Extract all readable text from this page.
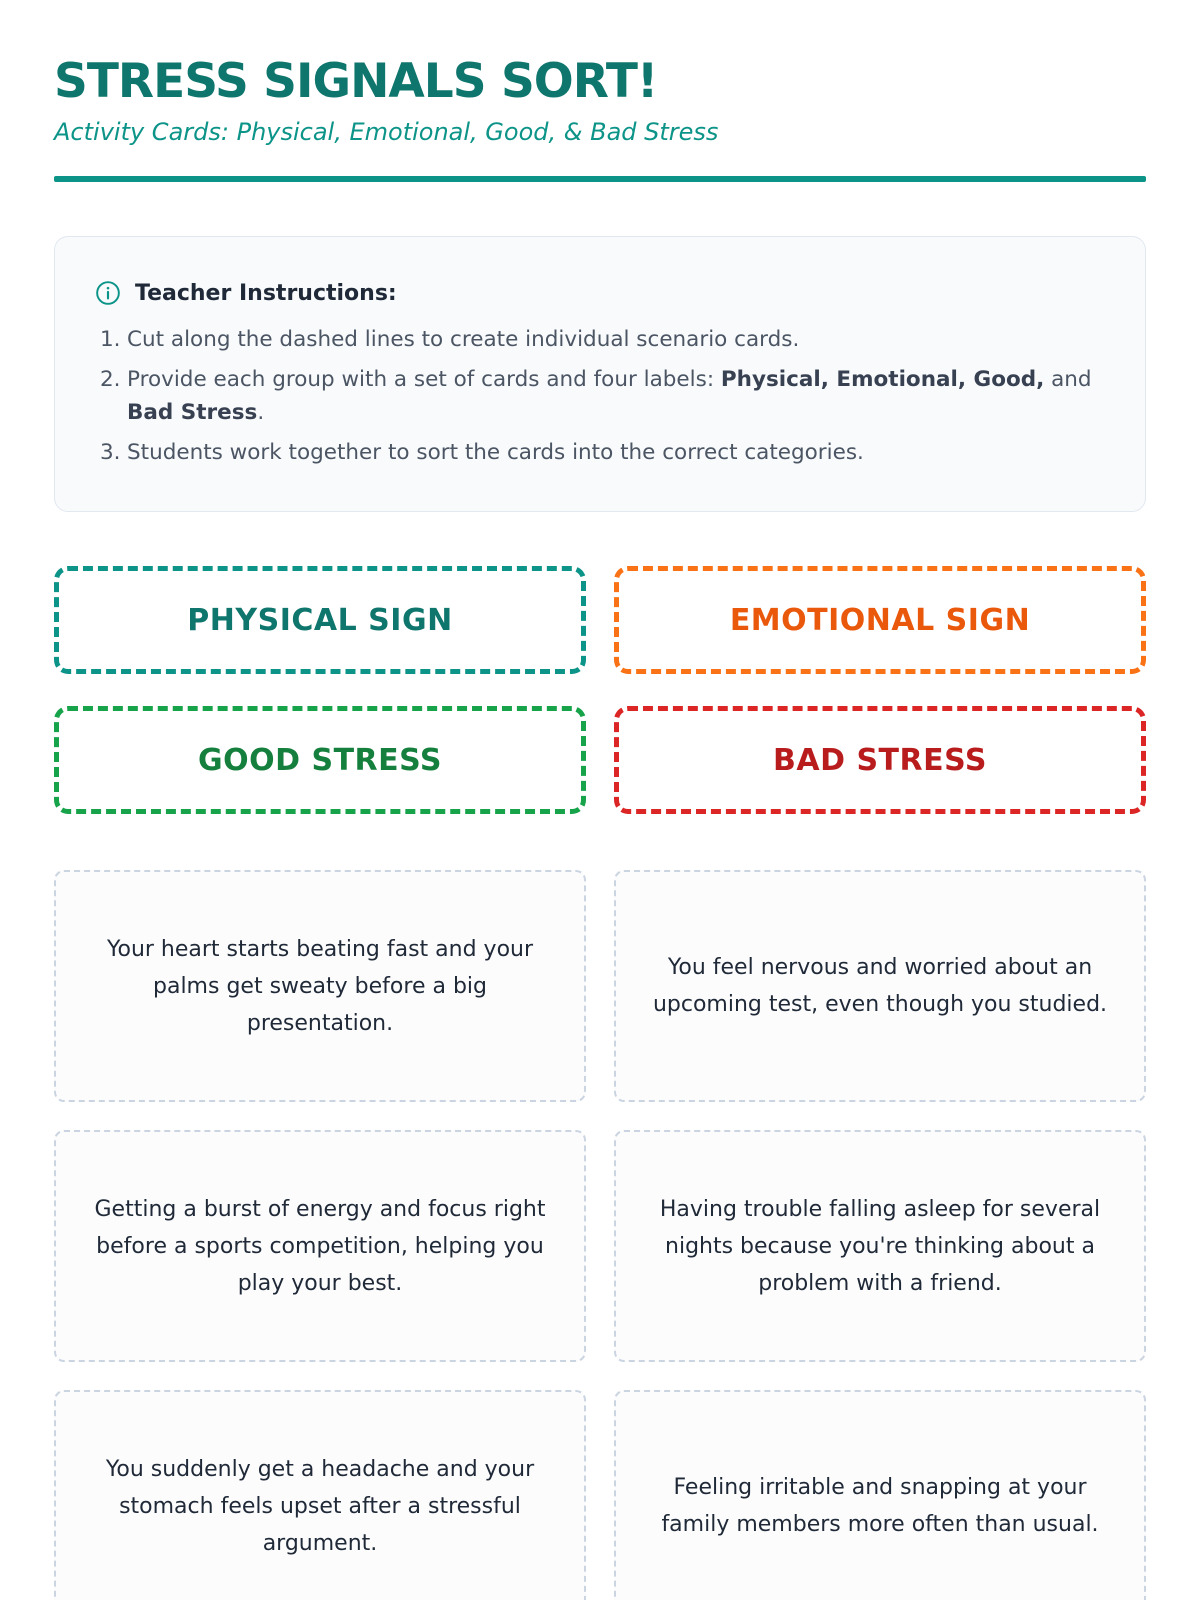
STRESS SIGNALS SORT!
Activity Cards: Physical, Emotional, Good, & Bad Stress
Teacher Instructions:
1. Cut along the dashed lines to create individual scenario cards.
2. Provide each group with a set of cards and four labels: Physical, Emotional, Good, and Bad Stress.
3. Students work together to sort the cards into the correct categories.
PHYSICAL SIGN	EMOTIONAL SIGN
GOOD STRESS	BAD STRESS
Your heart starts beating fast and your palms get sweaty before a big presentation.
You feel nervous and worried about an upcoming test, even though you studied.
Getting a burst of energy and focus right before a sports competition, helping you play your best.
Having trouble falling asleep for several nights because you're thinking about a problem with a friend.
You suddenly get a headache and your stomach feels upset after a stressful argument.
Feeling irritable and snapping at your family members more often than usual.
